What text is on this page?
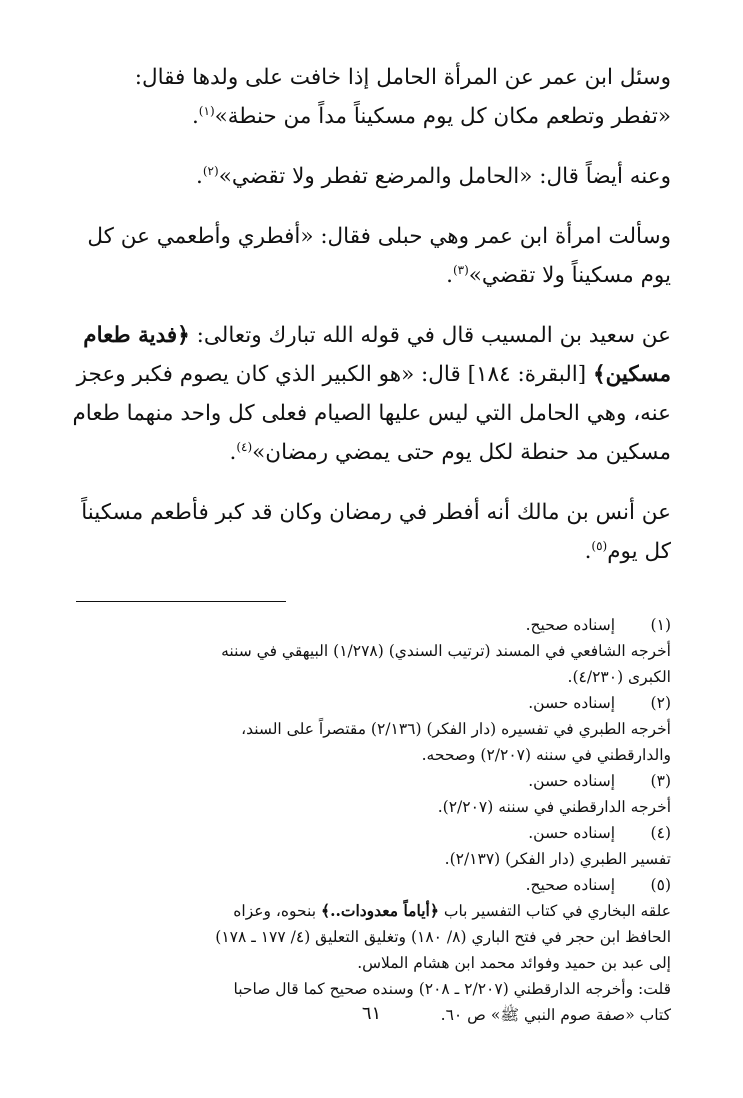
وسئل ابن عمر عن المرأة الحامل إذا خافت على ولدها فقال:
«تفطر وتطعم مكان كل يوم مسكيناً مداً من حنطة»$^{(١)}$.
وعنه أيضاً قال: «الحامل والمرضع تفطر ولا تقضي»$^{(٢)}$.
وسألت امرأة ابن عمر وهي حبلى فقال: «أفطري وأطعمي عن كل
يوم مسكيناً ولا تقضي»$^{(٣)}$.
عن سعيد بن المسيب قال في قوله الله تبارك وتعالى: ﴿فدية طعام
مسكين﴾ [البقرة: ١٨٤] قال: «هو الكبير الذي كان يصوم فكبر وعجز
عنه، وهي الحامل التي ليس عليها الصيام فعلى كل واحد منهما طعام
مسكين مد حنطة لكل يوم حتى يمضي رمضان»$^{(٤)}$.
عن أنس بن مالك أنه أفطر في رمضان وكان قد كبر فأطعم مسكيناً
كل يوم$^{(٥)}$.
(١)
إسناده صحيح.
أخرجه الشافعي في المسند (ترتيب السندي) (١/٢٧٨) البيهقي في سننه
الكبرى (٤/٢٣٠).
(٢)
إسناده حسن.
أخرجه الطبري في تفسيره (دار الفكر) (٢/١٣٦) مقتصراً على السند،
والدارقطني في سننه (٢/٢٠٧) وصححه.
(٣)
إسناده حسن.
أخرجه الدارقطني في سننه (٢/٢٠٧).
(٤)
إسناده حسن.
تفسير الطبري (دار الفكر) (٢/١٣٧).
(٥)
إسناده صحيح.
علقه البخاري في كتاب التفسير باب ﴿أياماً معدودات..﴾ بنحوه، وعزاه
الحافظ ابن حجر في فتح الباري (٨/ ١٨٠) وتغليق التعليق (٤/ ١٧٧ ـ ١٧٨)
إلى عبد بن حميد وفوائد محمد ابن هشام الملاس.
قلت: وأخرجه الدارقطني (٢/٢٠٧ ـ ٢٠٨) وسنده صحيح كما قال صاحبا
كتاب «صفة صوم النبي ﷺ» ص ٦٠.
٦١
